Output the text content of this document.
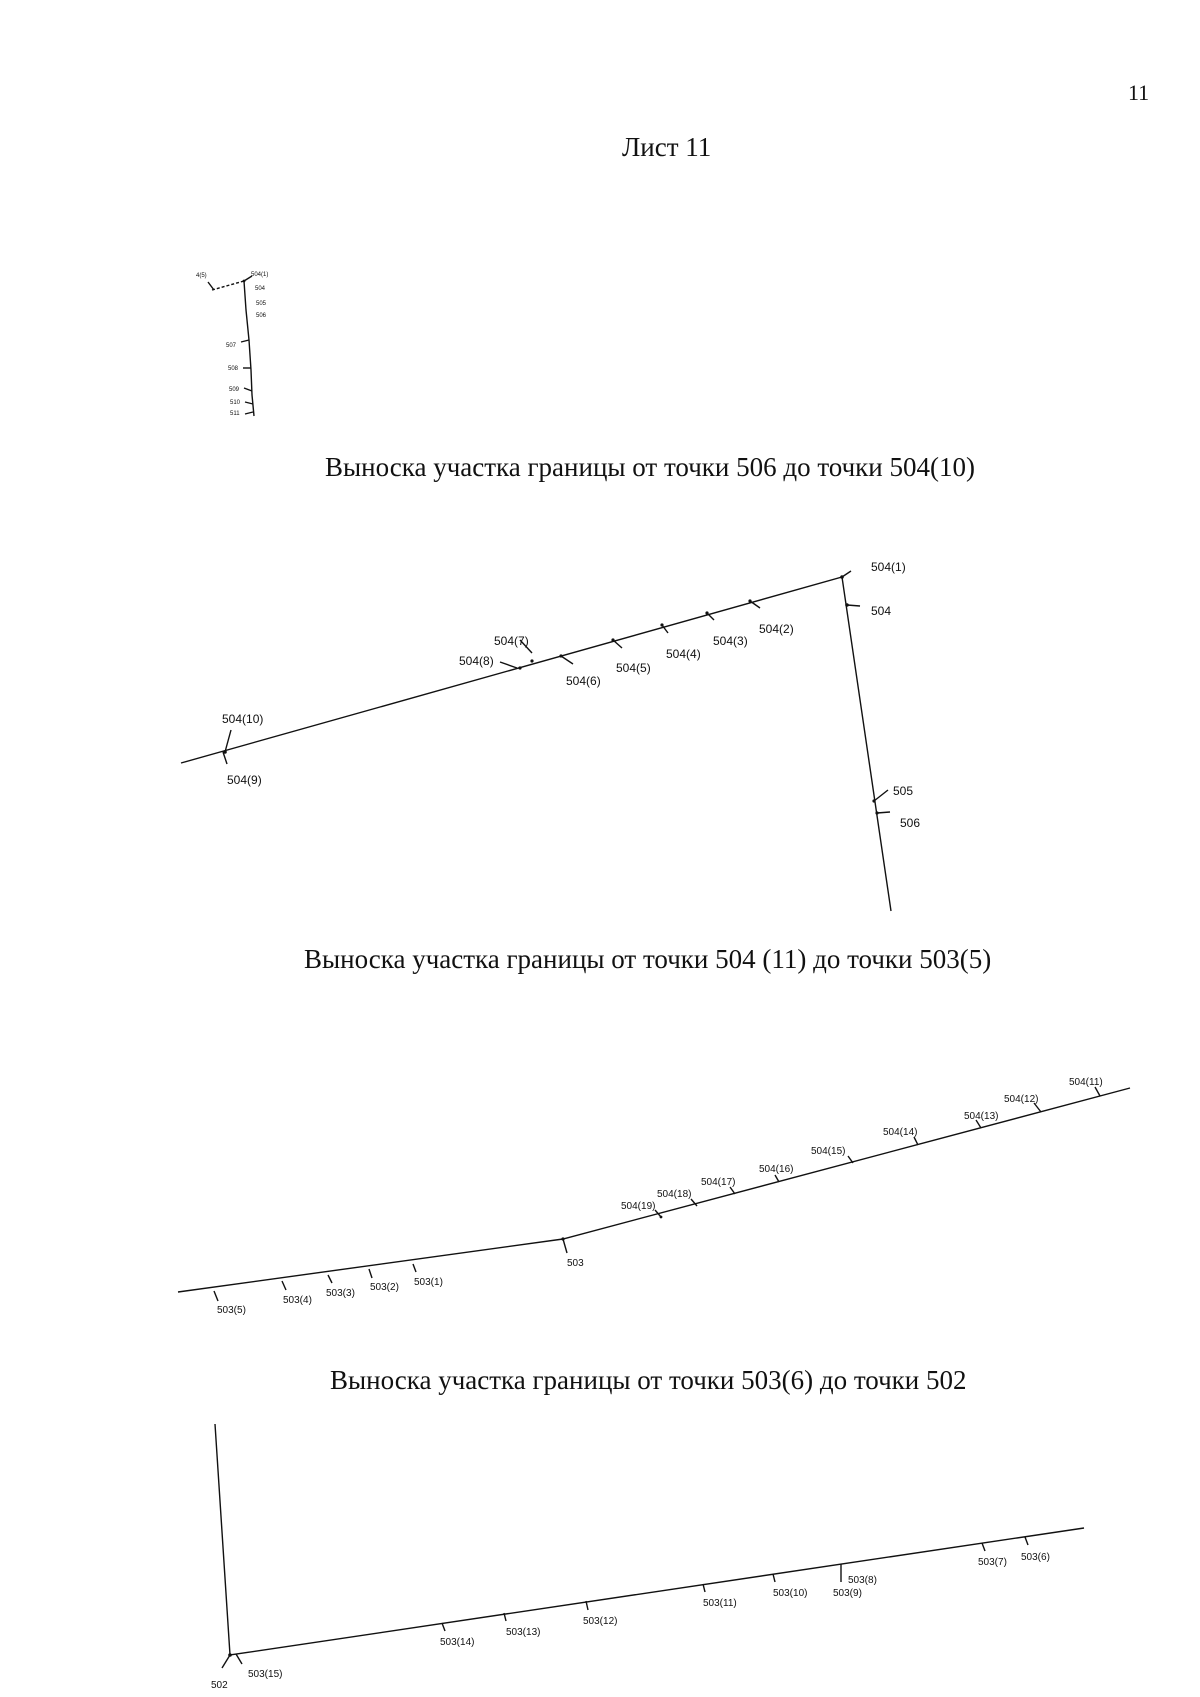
11
Лист 11
Выноска участка границы от точки 506 до точки 504(10)
Выноска участка границы от точки 504 (11) до точки 503(5)
Выноска участка границы от точки 503(6) до точки 502
4(5)	504(1)
504
505
506
507
508
509
510
511
504(1)
504
504(2)
504(3)
504(4)
504(5)
504(6)
504(7)
504(8)
504(10)
504(9)
505
506
504(11)
504(12)
504(13)
504(14)
504(15)
504(16)
504(17)
504(18)
504(19)
503
503(1)
503(2)
503(3)
503(4)
503(5)
503(6)
503(7)
503(8)
503(9)
503(10)
503(11)
503(12)
503(13)
503(14)
503(15)
502
